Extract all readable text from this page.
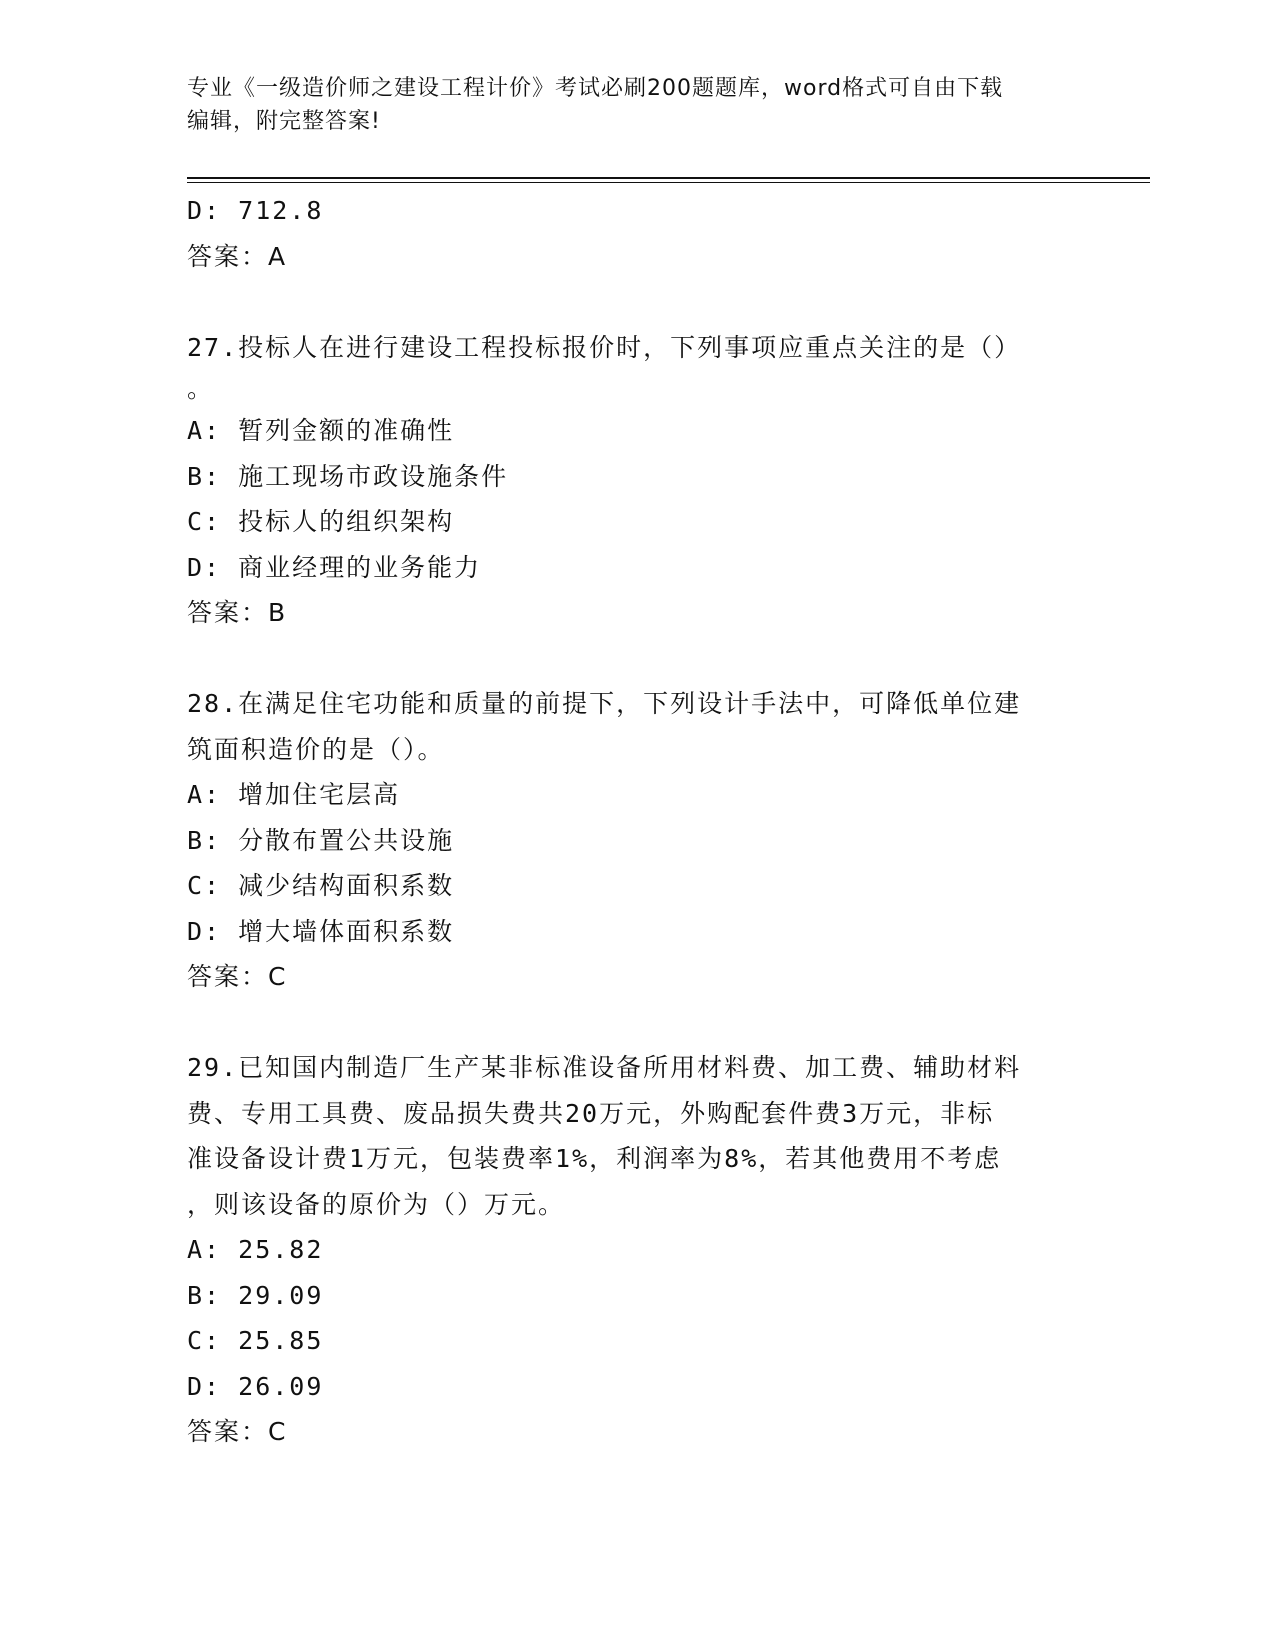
专业《一级造价师之建设工程计价》考试必刷200题题库，word格式可自由下载
编辑，附完整答案!
D: 712.8
答案：A
27.投标人在进行建设工程投标报价时，下列事项应重点关注的是（）
。
A: 暂列金额的准确性
B: 施工现场市政设施条件
C: 投标人的组织架构
D: 商业经理的业务能力
答案：B
28.在满足住宅功能和质量的前提下，下列设计手法中，可降低单位建
筑面积造价的是（）。
A: 增加住宅层高
B: 分散布置公共设施
C: 减少结构面积系数
D: 增大墙体面积系数
答案：C
29.已知国内制造厂生产某非标准设备所用材料费、加工费、辅助材料
费、专用工具费、废品损失费共20万元，外购配套件费3万元，非标
准设备设计费1万元，包装费率1%，利润率为8%，若其他费用不考虑
，则该设备的原价为（）万元。
A: 25.82
B: 29.09
C: 25.85
D: 26.09
答案：C
